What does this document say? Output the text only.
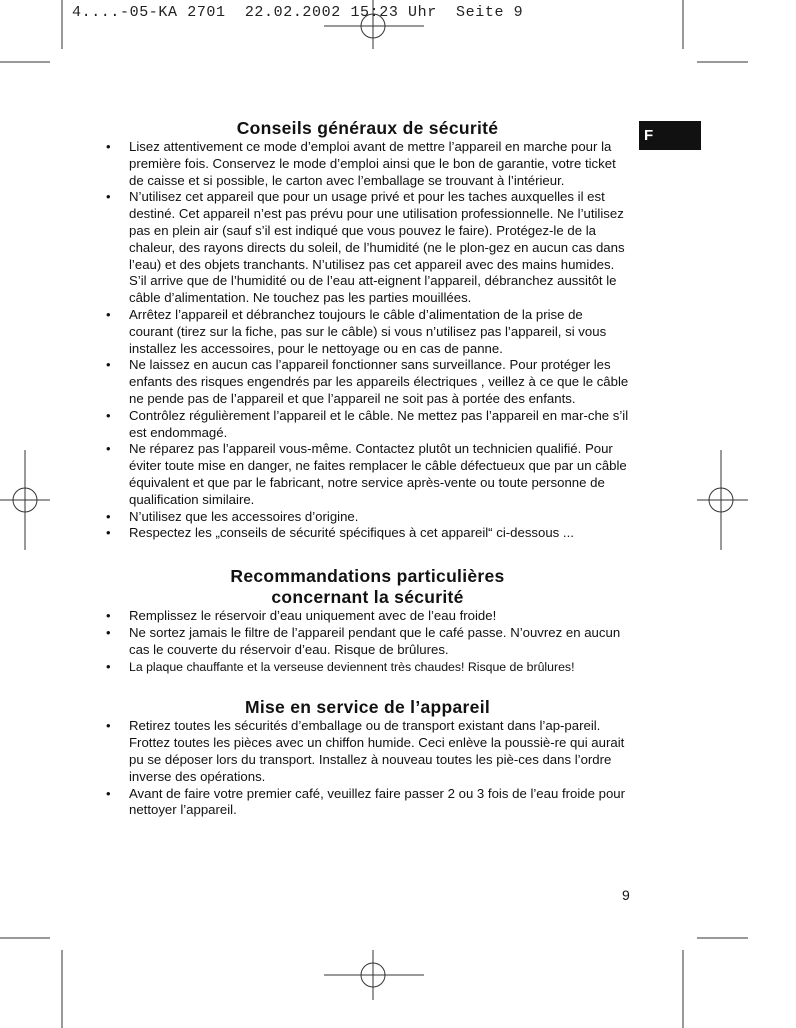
4....-05-KA 2701  22.02.2002 15:23 Uhr  Seite 9
F
Conseils généraux de sécurité
• Lisez attentivement ce mode d’emploi avant de mettre l’appareil en marche pour la première fois. Conservez le mode d’emploi ainsi que le bon de garantie, votre ticket de caisse et si possible, le carton avec l’emballage se trouvant à l’intérieur.
• N’utilisez cet appareil que pour un usage privé et pour les taches auxquelles il est destiné. Cet appareil n’est pas prévu pour une utilisation professionnelle. Ne l’utilisez pas en plein air (sauf s’il est indiqué que vous pouvez le faire). Protégez-le de la chaleur, des rayons directs du soleil, de l’humidité (ne le plon-gez en aucun cas dans l’eau) et des objets tranchants. N’utilisez pas cet appareil avec des mains humides. S’il arrive que de l’humidité ou de l’eau att-eignent l’appareil, débranchez aussitôt le câble d’alimentation. Ne touchez pas les parties mouillées.
• Arrêtez l’appareil et débranchez toujours le câble d’alimentation de la prise de courant (tirez sur la fiche, pas sur le câble) si vous n’utilisez pas l’appareil, si vous installez les accessoires, pour le nettoyage ou en cas de panne.
• Ne laissez en aucun cas l’appareil fonctionner sans surveillance. Pour protéger les enfants des risques engendrés par les appareils électriques , veillez à ce que le câble ne pende pas de l’appareil et que l’appareil ne soit pas à portée des enfants.
• Contrôlez régulièrement l’appareil et le câble. Ne mettez pas l’appareil en mar-che s’il est endommagé.
• Ne réparez pas l’appareil vous-même. Contactez plutôt un technicien qualifié. Pour éviter toute mise en danger, ne faites remplacer le câble défectueux que par un câble équivalent et que par le fabricant, notre service après-vente ou toute personne de qualification similaire.
• N’utilisez que les accessoires d’origine.
• Respectez les „conseils de sécurité spécifiques à cet appareil“ ci-dessous ...
Recommandations particulières
concernant la sécurité
• Remplissez le réservoir d’eau uniquement avec de l’eau froide!
• Ne sortez jamais le filtre de l’appareil pendant que le café passe. N’ouvrez en aucun cas le couverte du réservoir d’eau. Risque de brûlures.
• La plaque chauffante et la verseuse deviennent très chaudes! Risque de brûlures!
Mise en service de l’appareil
• Retirez toutes les sécurités d’emballage ou de transport existant dans l’ap-pareil. Frottez toutes les pièces avec un chiffon humide. Ceci enlève la poussiè-re qui aurait pu se déposer lors du transport. Installez à nouveau toutes les piè-ces dans l’ordre inverse des opérations.
• Avant de faire votre premier café, veuillez faire passer 2 ou 3 fois de l’eau froide pour nettoyer l’appareil.
9
